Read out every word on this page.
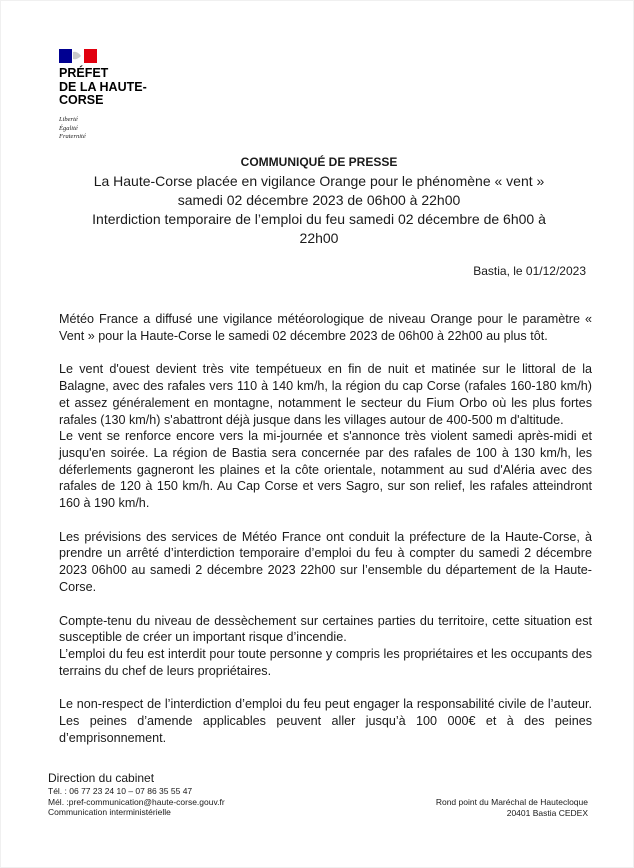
PRÉFET
DE LA HAUTE-
CORSE
Liberté
Égalité
Fraternité
COMMUNIQUÉ DE PRESSE
La Haute-Corse placée en vigilance Orange pour le phénomène « vent »
samedi 02 décembre 2023 de 06h00 à 22h00
Interdiction temporaire de l’emploi du feu samedi 02 décembre de 6h00 à
22h00
Bastia, le 01/12/2023

Météo France a diffusé une vigilance météorologique de niveau Orange pour le paramètre « Vent » pour la Haute-Corse le samedi 02 décembre 2023 de 06h00 à 22h00 au plus tôt.

Le vent d'ouest devient très vite tempétueux en fin de nuit et matinée sur le littoral de la Balagne, avec des rafales vers 110 à 140 km/h, la région du cap Corse (rafales 160-180 km/h) et assez généralement en montagne, notamment le secteur du Fium Orbo où les plus fortes rafales (130 km/h) s'abattront déjà jusque dans les villages autour de 400-500 m d'altitude.

Le vent se renforce encore vers la mi-journée et s'annonce très violent samedi après-midi et jusqu'en soirée. La région de Bastia sera concernée par des rafales de 100 à 130 km/h, les déferlements gagneront les plaines et la côte orientale, notamment au sud d'Aléria avec des rafales de 120 à 150 km/h. Au Cap Corse et vers Sagro, sur son relief, les rafales atteindront 160 à 190 km/h.

Les prévisions des services de Météo France ont conduit la préfecture de la Haute-Corse, à prendre un arrêté d’interdiction temporaire d’emploi du feu à compter du samedi 2 décembre 2023 06h00 au samedi 2 décembre 2023 22h00 sur l’ensemble du département de la Haute-Corse.

Compte-tenu du niveau de dessèchement sur certaines parties du territoire, cette situation est susceptible de créer un important risque d’incendie.

L’emploi du feu est interdit pour toute personne y compris les propriétaires et les occupants des terrains du chef de leurs propriétaires.

Le non-respect de l’interdiction d’emploi du feu peut engager la responsabilité civile de l’auteur. Les peines d’amende applicables peuvent aller jusqu’à 100 000€ et à des peines d’emprisonnement.

Direction du cabinet
Tél. : 06 77 23 24 10 – 07 86 35 55 47
Mél. :pref-communication@haute-corse.gouv.fr
Communication interministérielle
Rond point du Maréchal de Hautecloque
20401 Bastia CEDEX
